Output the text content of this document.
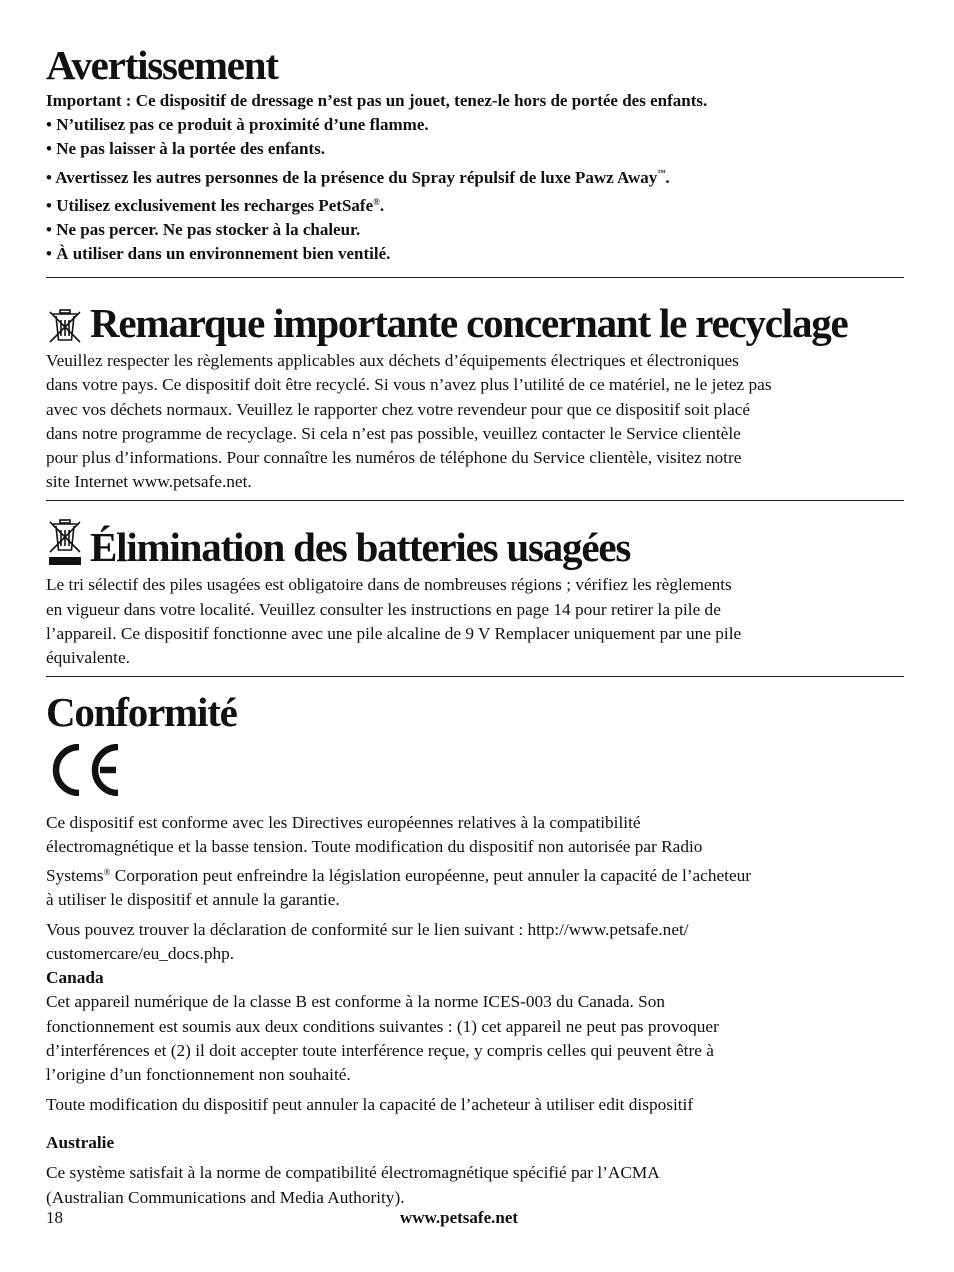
Avertissement
Important : Ce dispositif de dressage n’est pas un jouet, tenez-le hors de portée des enfants.
• N’utilisez pas ce produit à proximité d’une flamme.
• Ne pas laisser à la portée des enfants.
• Avertissez les autres personnes de la présence du Spray répulsif de luxe Pawz Away™.
• Utilisez exclusivement les recharges PetSafe®.
• Ne pas percer. Ne pas stocker à la chaleur.
• À utiliser dans un environnement bien ventilé.
Remarque importante concernant le recyclage
Veuillez respecter les règlements applicables aux déchets d’équipements électriques et électroniques
dans votre pays. Ce dispositif doit être recyclé. Si vous n’avez plus l’utilité de ce matériel, ne le jetez pas
avec vos déchets normaux. Veuillez le rapporter chez votre revendeur pour que ce dispositif soit placé
dans notre programme de recyclage. Si cela n’est pas possible, veuillez contacter le Service clientèle
pour plus d’informations. Pour connaître les numéros de téléphone du Service clientèle, visitez notre
site Internet www.petsafe.net.
Élimination des batteries usagées
Le tri sélectif des piles usagées est obligatoire dans de nombreuses régions ; vérifiez les règlements
en vigueur dans votre localité. Veuillez consulter les instructions en page 14 pour retirer la pile de
l’appareil. Ce dispositif fonctionne avec une pile alcaline de 9 V Remplacer uniquement par une pile
équivalente.
Conformité
Ce dispositif est conforme avec les Directives européennes relatives à la compatibilité
électromagnétique et la basse tension. Toute modification du dispositif non autorisée par Radio
Systems® Corporation peut enfreindre la législation européenne, peut annuler la capacité de l’acheteur
à utiliser le dispositif et annule la garantie.
Vous pouvez trouver la déclaration de conformité sur le lien suivant : http://www.petsafe.net/
customercare/eu_docs.php.
Canada
Cet appareil numérique de la classe B est conforme à la norme ICES-003 du Canada. Son
fonctionnement est soumis aux deux conditions suivantes : (1) cet appareil ne peut pas provoquer
d’interférences et (2) il doit accepter toute interférence reçue, y compris celles qui peuvent être à
l’origine d’un fonctionnement non souhaité.
Toute modification du dispositif peut annuler la capacité de l’acheteur à utiliser edit dispositif
Australie
Ce système satisfait à la norme de compatibilité électromagnétique spécifié par l’ACMA
(Australian Communications and Media Authority).
18	www.petsafe.net
